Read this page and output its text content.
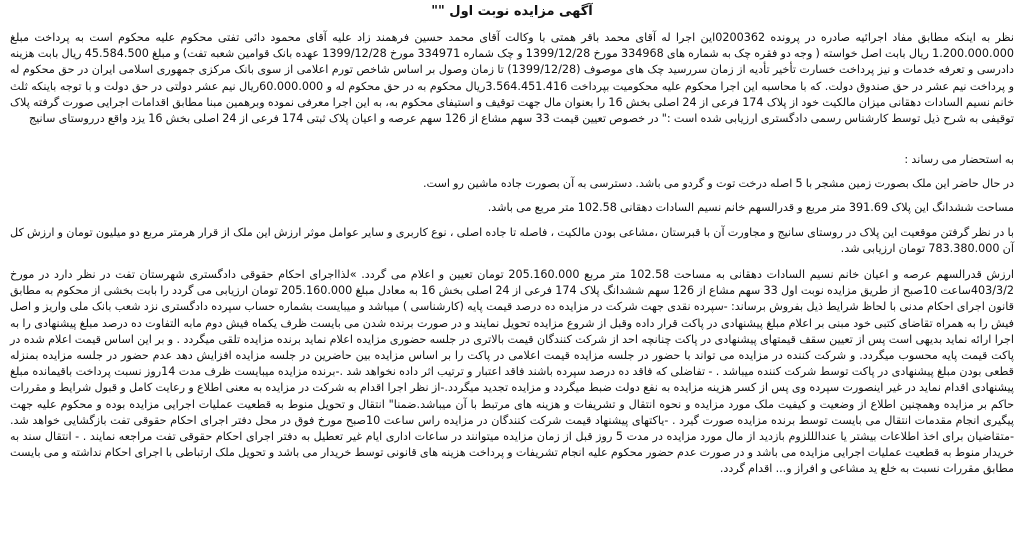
آگهی مزایده نوبت اول ""

نظر به اینکه مطابق مفاد اجرائیه صادره در پرونده 0200362این اجرا له آقای محمد باقر همتی با وکالت آقای محمد حسین فرهمند زاد علیه آقای محمود دائی تفتی محکوم علیه محکوم است به پرداخت مبلغ 1.200.000.000 ریال بابت اصل خواسته ( وجه دو فقره چک به شماره های 334968 مورخ 1399/12/28 و چک شماره 334971 مورخ 1399/12/28 عهده بانک قوامین شعبه تفت) و مبلغ 45.584.500 ریال بابت هزینه دادرسی و تعرفه خدمات و نیز پرداخت خسارت تأخیر تأدیه از زمان سررسید چک های موصوف (1399/12/28) تا زمان وصول بر اساس شاخص تورم اعلامی از سوی بانک مرکزی جمهوری اسلامی ایران در حق محکوم له و پرداخت نیم عشر در حق صندوق دولت. که با محاسبه این اجرا محکوم علیه محکومیت بپرداخت 3.564.451.416ریال محکوم به در حق محکوم له و 60.000.000ریال نیم عشر دولتی در حق دولت و با توجه باینکه ثلث خانم نسیم السادات دهقانی میزان مالکیت خود از پلاک 174 فرعی از 24 اصلی بخش 16 را بعنوان مال جهت توقیف و استیفای محکوم به، به این اجرا معرفی نموده وبرهمین مبنا مطابق اقدامات اجرایی صورت گرفته پلاک توقیفی به شرح ذیل توسط کارشناس رسمی دادگستری ارزیابی شده است :" در خصوص تعیین قیمت 33 سهم مشاع از 126 سهم عرصه و اعیان پلاک ثبتی 174 فرعی از 24 اصلی بخش 16 یزد واقع درروستای سانیج

به استحضار می رساند :

در حال حاضر این ملک بصورت زمین مشجر با 5 اصله درخت توت و گردو می باشد. دسترسی به آن بصورت جاده ماشین رو است.

مساحت ششدانگ این پلاک 391.69 متر مربع و قدرالسهم خانم نسیم السادات دهقانی 102.58 متر مربع می باشد.

با در نظر گرفتن موقعیت این پلاک در روستای سانیج و مجاورت آن با قبرستان ،مشاعی بودن مالکیت ، فاصله تا جاده اصلی ، نوع کاربری و سایر عوامل موثر ارزش این ملک از قرار هرمتر مربع دو میلیون تومان و ارزش کل آن 783.380.000 تومان ارزیابی شد.

ارزش قدرالسهم عرصه و اعیان خانم نسیم السادات دهقانی به مساحت 102.58 متر مربع 205.160.000 تومان تعیین و اعلام می گردد. »لذااجرای احکام حقوقی دادگستری شهرستان تفت در نظر دارد در مورخ 403/3/2ساعت 10صبح از طریق مزایده نوبت اول 33 سهم مشاع از 126 سهم ششدانگ پلاک 174 فرعی از 24 اصلی بخش 16 به معادل مبلغ 205.160.000 تومان ارزیابی می گردد را بابت بخشی از محکوم به مطابق قانون اجرای احکام مدنی با لحاظ شرایط ذیل بفروش برساند: -سپرده نقدی جهت شرکت در مزایده ده درصد قیمت پایه (کارشناسی ) میباشد و میبایست بشماره حساب سپرده دادگستری نزد شعب بانک ملی واریز و اصل فیش را به همراه تقاضای کتبی خود مبنی بر اعلام مبلغ پیشنهادی در پاکت قرار داده وقبل از شروع مزایده تحویل نمایند و در صورت برنده شدن می بایست ظرف یکماه فیش دوم مابه التفاوت ده درصد مبلغ پیشنهادی را به اجرا ارائه نماید بدیهی است پس از تعیین سقف قیمتهای پیشنهادی در پاکت چنانچه احد از شرکت کنندگان قیمت بالاتری در جلسه حضوری مزایده اعلام نماید برنده مزایده تلقی میگردد . و بر این اساس قیمت اعلام شده در پاکت قیمت پایه محسوب میگردد. و شرکت کننده در مزایده می تواند با حضور در جلسه مزایده قیمت اعلامی در پاکت را بر اساس مزایده بین حاضرین در جلسه مزایده افزایش دهد عدم حضور در جلسه مزایده بمنزله قطعی بودن مبلغ پیشنهادی در پاکت توسط شرکت کننده میباشد . - تفاضلی که فاقد ده درصد سپرده باشند فاقد اعتبار و ترتیب اثر داده نخواهد شد .-برنده مزایده میبایست ظرف مدت 14روز نسبت پرداخت باقیمانده مبلغ پیشنهادی اقدام نماید در غیر اینصورت سپرده وی پس از کسر هزینه مزایده به نفع دولت ضبط میگردد و مزایده تجدید میگردد.-از نظر اجرا اقدام به شرکت در مزایده به معنی اطلاع و رعایت کامل و قبول شرایط و مقررات حاکم بر مزایده وهمچنین اطلاع از وضعیت و کیفیت ملک مورد مزایده و نحوه انتقال و تشریفات و هزینه های مرتبط با آن میباشد.ضمنا" انتقال و تحویل منوط به قطعیت عملیات اجرایی مزایده بوده و محکوم علیه جهت پیگیری انجام مقدمات انتقال می بایست توسط برنده مزایده صورت گیرد . -یاکتهای پیشنهاد قیمت شرکت کنندگان در مزایده راس ساعت 10صبح مورخ فوق در محل دفتر اجرای احکام حقوقی تفت بازگشایی خواهد شد. -متقاضیان برای اخذ اطلاعات بیشتر یا عندالللزوم بازدید از مال مورد مزایده در مدت 5 روز قبل از زمان مزایده میتوانند در ساعات اداری ایام غیر تعطیل به دفتر اجرای احکام حقوقی تفت مراجعه نمایند . - انتقال سند به خریدار منوط به قطعیت عملیات اجرایی مزایده می باشد و در صورت عدم حضور محکوم علیه انجام تشریفات و پرداخت هزینه های قانونی توسط خریدار می باشد و تحویل ملک ارتباطی با اجرای احکام نداشته و می بایست مطابق مقررات نسبت به خلع ید مشاعی و افراز و... اقدام گردد.
